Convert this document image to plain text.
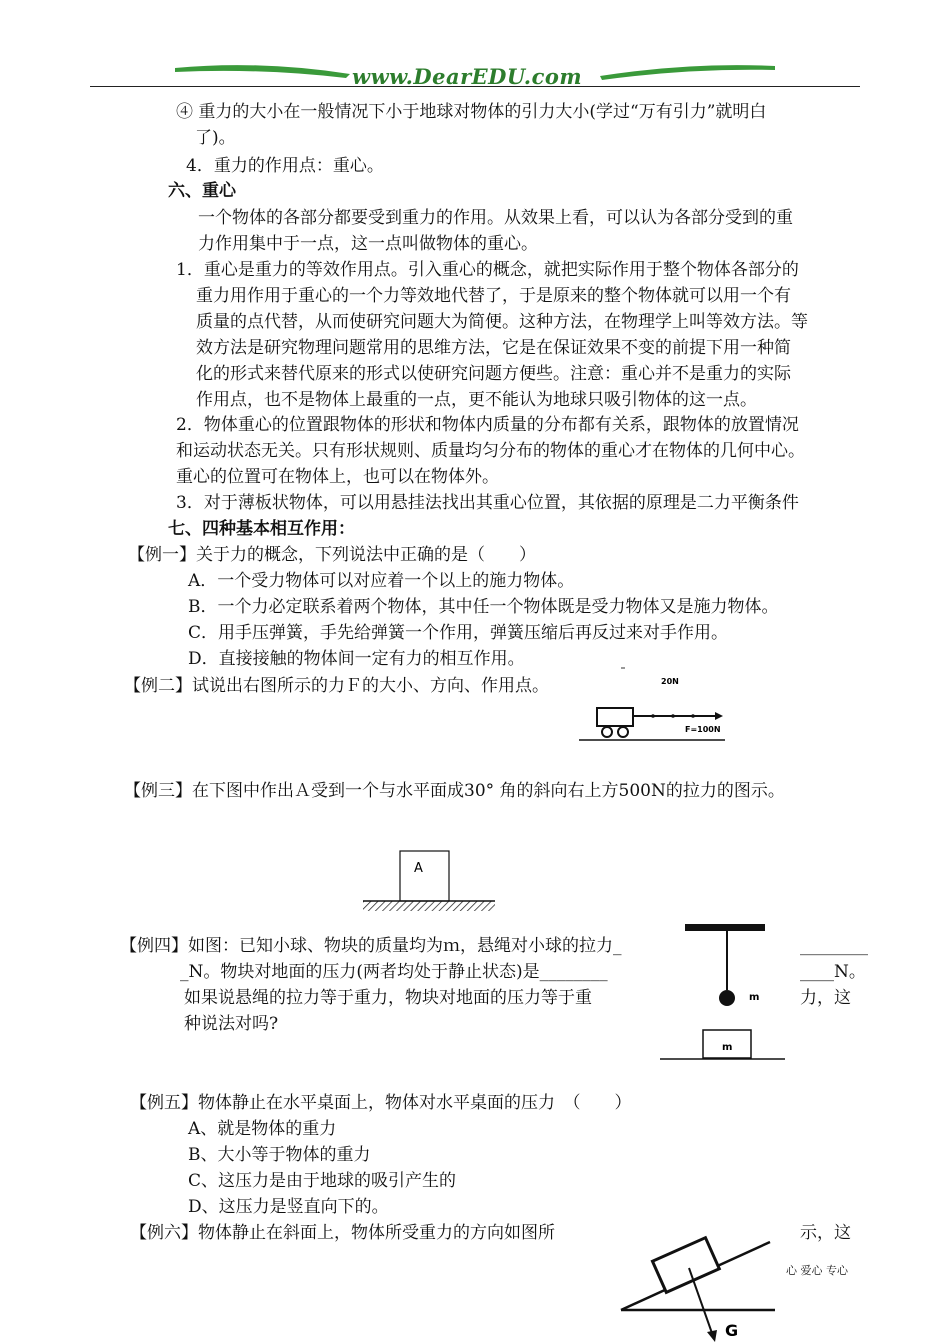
www.DearEDU.com
④ 重力的大小在一般情况下小于地球对物体的引力大小(学过“万有引力”就明白
了)。
4．重力的作用点：重心。
六、重心
一个物体的各部分都要受到重力的作用。从效果上看，可以认为各部分受到的重
力作用集中于一点，这一点叫做物体的重心。
1．重心是重力的等效作用点。引入重心的概念，就把实际作用于整个物体各部分的
重力用作用于重心的一个力等效地代替了，于是原来的整个物体就可以用一个有
质量的点代替，从而使研究问题大为简便。这种方法，在物理学上叫等效方法。等
效方法是研究物理问题常用的思维方法，它是在保证效果不变的前提下用一种简
化的形式来替代原来的形式以使研究问题方便些。注意：重心并不是重力的实际
作用点，也不是物体上最重的一点，更不能认为地球只吸引物体的这一点。
2．物体重心的位置跟物体的形状和物体内质量的分布都有关系，跟物体的放置情况
和运动状态无关。只有形状规则、质量均匀分布的物体的重心才在物体的几何中心。
重心的位置可在物体上，也可以在物体外。
3．对于薄板状物体，可以用悬挂法找出其重心位置，其依据的原理是二力平衡条件
七、四种基本相互作用：
【例一】关于力的概念，下列说法中正确的是（　　）
A．一个受力物体可以对应着一个以上的施力物体。
B．一个力必定联系着两个物体，其中任一个物体既是受力物体又是施力物体。
C．用手压弹簧，手先给弹簧一个作用，弹簧压缩后再反过来对手作用。
D．直接接触的物体间一定有力的相互作用。
【例二】试说出右图所示的力Ｆ的大小、方向、作用点。	20N
F=100N
【例三】在下图中作出Ａ受到一个与水平面成30° 角的斜向右上方500N的拉力的图示。
A
【例四】如图：已知小球、物块的质量均为ｍ，悬绳对小球的拉力_	________
_N。物块对地面的压力(两者均处于静止状态)是________	____N。
如果说悬绳的拉力等于重力，物块对地面的压力等于重	力，这
种说法对吗?
m
m
【例五】物体静止在水平桌面上，物体对水平桌面的压力　（　　）
A、就是物体的重力
B、大小等于物体的重力
C、这压力是由于地球的吸引产生的
D、这压力是竖直向下的。
【例六】物体静止在斜面上，物体所受重力的方向如图所	示，这
心 爱心 专心
G
